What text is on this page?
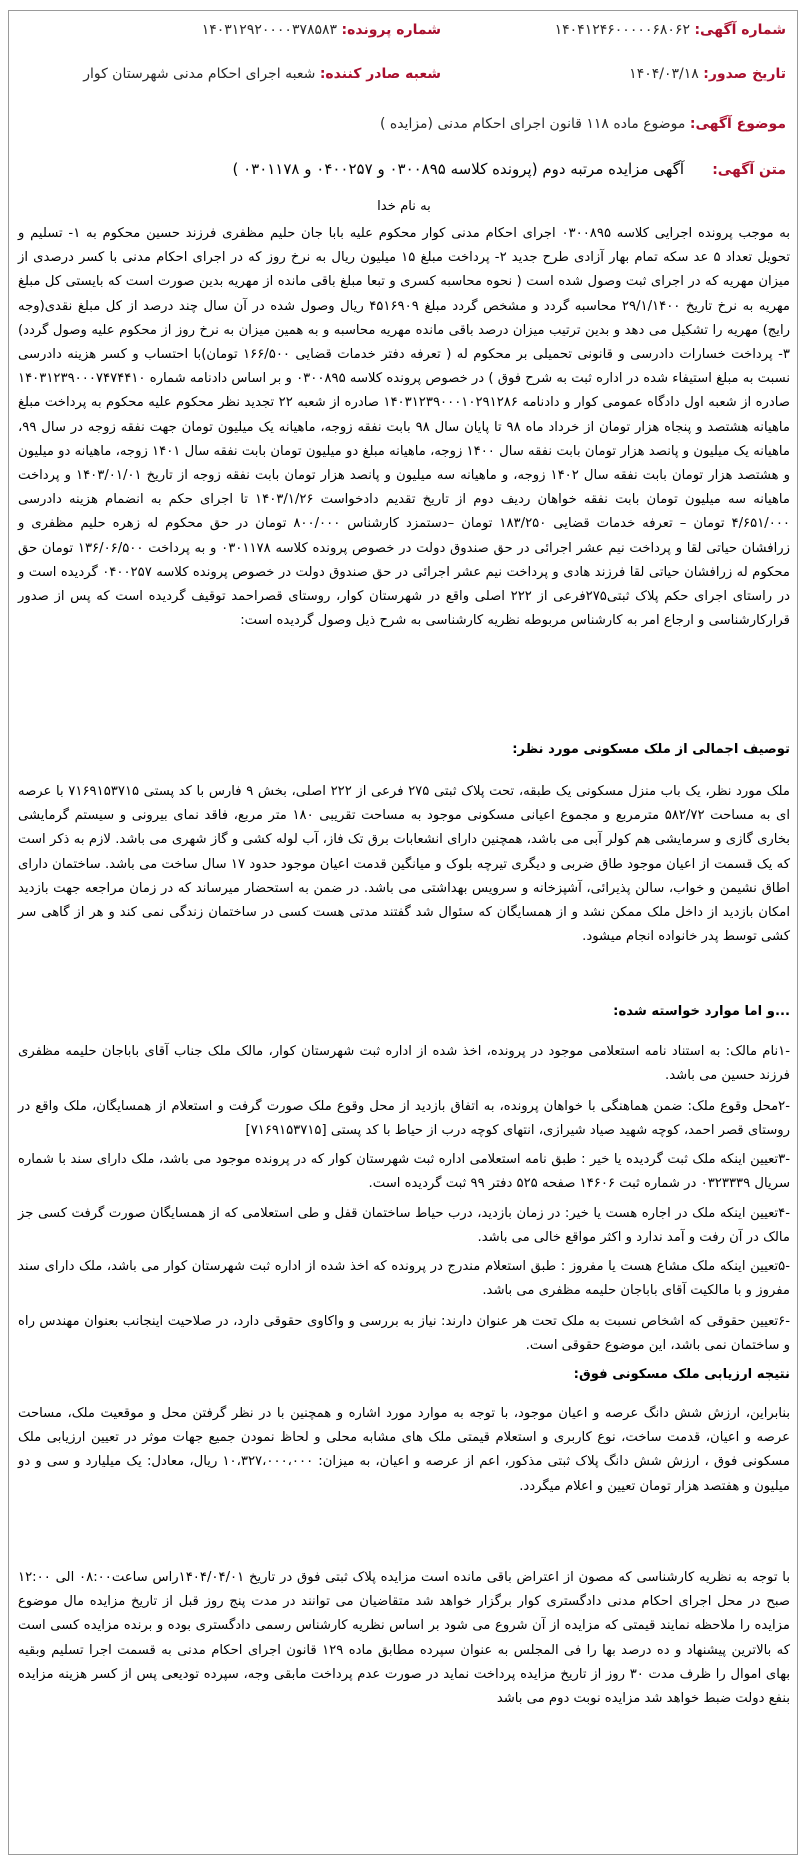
شماره آگهی: ۱۴۰۴۱۲۴۶۰۰۰۰۰۶۸۰۶۲
شماره پرونده: ۱۴۰۳۱۲۹۲۰۰۰۰۳۷۸۵۸۳
تاریخ صدور: ۱۴۰۴/۰۳/۱۸
شعبه صادر کننده: شعبه اجرای احکام مدنی شهرستان کوار
موضوع آگهی: موضوع ماده ۱۱۸ قانون اجرای احکام مدنی (مزایده )
متن آگهی:
آگهی مزایده مرتبه دوم (پرونده کلاسه ۰۳۰۰۸۹۵ و ۰۴۰۰۲۵۷ و ۰۳۰۱۱۷۸ )
به نام خدا
به موجب پرونده اجرایی کلاسه ۰۳۰۰۸۹۵ اجرای احکام مدنی کوار محکوم علیه بابا جان حلیم مظفری فرزند حسین محکوم به ۱- تسلیم و تحویل تعداد ۵ عد سکه تمام بهار آزادی طرح جدید ۲- پرداخت مبلغ ۱۵ میلیون ریال به نرخ روز که در اجرای احکام مدنی با کسر درصدی از میزان مهریه که در اجرای ثبت وصول شده است ( نحوه محاسبه کسری و تبعا مبلغ باقی مانده از مهریه بدین صورت است که بایستی کل مبلغ مهریه به نرخ تاریخ ۲۹/۱/۱۴۰۰ محاسبه گردد و مشخص گردد مبلغ ۴۵۱۶۹۰۹ ریال وصول شده در آن سال چند درصد از کل مبلغ نقدی(وجه رایج) مهریه را تشکیل می دهد و بدین ترتیب میزان درصد باقی مانده مهریه محاسبه و به همین میزان به نرخ روز از محکوم علیه وصول گردد) ۳- پرداخت خسارات دادرسی و قانونی تحمیلی بر محکوم له ( تعرفه دفتر خدمات قضایی ۱۶۶/۵۰۰ تومان)با احتساب و کسر هزینه دادرسی نسبت به مبلغ استیفاء شده در اداره ثبت به شرح فوق ) در خصوص پرونده کلاسه ۰۳۰۰۸۹۵ و بر اساس دادنامه شماره ۱۴۰۳۱۲۳۹۰۰۰۷۴۷۴۴۱۰ صادره از شعبه اول دادگاه عمومی کوار و دادنامه ۱۴۰۳۱۲۳۹۰۰۰۱۰۲۹۱۲۸۶ صادره از شعبه ۲۲ تجدید نظر محکوم علیه محکوم به پرداخت مبلغ ماهیانه هشتصد و پنجاه هزار تومان از خرداد ماه ۹۸ تا پایان سال ۹۸ بابت نفقه زوجه، ماهیانه یک میلیون تومان جهت نفقه زوجه در سال ۹۹، ماهیانه یک میلیون و پانصد هزار تومان بابت نفقه سال ۱۴۰۰ زوجه، ماهیانه مبلغ دو میلیون تومان بابت نفقه سال ۱۴۰۱ زوجه، ماهیانه دو میلیون و هشتصد هزار تومان بابت نفقه سال ۱۴۰۲ زوجه، و ماهیانه سه میلیون و پانصد هزار تومان بابت نفقه زوجه از تاریخ ۱۴۰۳/۰۱/۰۱ و پرداخت ماهیانه سه میلیون تومان بابت نفقه خواهان ردیف دوم از تاریخ تقدیم دادخواست ۱۴۰۳/۱/۲۶ تا اجرای حکم به انضمام هزینه دادرسی ۴/۶۵۱/۰۰۰ تومان – تعرفه خدمات قضایی ۱۸۳/۲۵۰ تومان –دستمزد کارشناس ۸۰۰/۰۰۰ تومان در حق محکوم له زهره حلیم مظفری و زرافشان حیاتی لقا و پرداخت نیم عشر اجرائی در حق صندوق دولت در خصوص پرونده کلاسه ۰۳۰۱۱۷۸ و به پرداخت ۱۳۶/۰۶/۵۰۰ تومان حق محکوم له زرافشان حیاتی لقا فرزند هادی و پرداخت نیم عشر اجرائی در حق صندوق دولت در خصوص پرونده کلاسه ۰۴۰۰۲۵۷ گردیده است و در راستای اجرای حکم پلاک ثبتی۲۷۵فرعی از ۲۲۲ اصلی واقع در شهرستان کوار، روستای قصراحمد توقیف گردیده است که پس از صدور قرارکارشناسی و ارجاع امر به کارشناس مربوطه نظریه کارشناسی به شرح ذیل وصول گردیده است:
توصیف اجمالی از ملک مسکونی مورد نظر:
ملک مورد نظر، یک باب منزل مسکونی یک طبقه، تحت پلاک ثبتی ۲۷۵ فرعی از ۲۲۲ اصلی، بخش ۹ فارس با کد پستی ۷۱۶۹۱۵۳۷۱۵ با عرصه ای به مساحت ۵۸۲/۷۲ مترمربع و مجموع اعیانی مسکونی موجود به مساحت تقریبی ۱۸۰ متر مربع، فاقد نمای بیرونی و سیستم گرمایشی بخاری گازی و سرمایشی هم کولر آبی می باشد، همچنین دارای انشعابات برق تک فاز، آب لوله کشی و گاز شهری می باشد. لازم به ذکر است که یک قسمت از اعیان موجود طاق ضربی و دیگری تیرچه بلوک و میانگین قدمت اعیان موجود حدود ۱۷ سال ساخت می باشد. ساختمان دارای اطاق نشیمن و خواب، سالن پذیرائی، آشپزخانه و سرویس بهداشتی می باشد. در ضمن به استحضار میرساند که در زمان مراجعه جهت بازدید امکان بازدید از داخل ملک ممکن نشد و از همسایگان که سئوال شد گفتند مدتی هست کسی در ساختمان زندگی نمی کند و هر از گاهی سر کشی توسط پدر خانواده انجام میشود.
...و اما موارد خواسته شده:
-۱نام مالک: به استناد نامه استعلامی موجود در پرونده، اخذ شده از اداره ثبت شهرستان کوار، مالک ملک جناب آقای باباجان حلیمه مظفری فرزند حسین می باشد.
-۲محل وقوع ملک: ضمن هماهنگی با خواهان پرونده، به اتفاق بازدید از محل وقوع ملک صورت گرفت و استعلام از همسایگان، ملک واقع در روستای قصر احمد، کوچه شهید صیاد شیرازی، انتهای کوچه درب از حیاط با کد پستی [۷۱۶۹۱۵۳۷۱۵]
-۳تعیین اینکه ملک ثبت گردیده یا خیر : طبق نامه استعلامی اداره ثبت شهرستان کوار که در پرونده موجود می باشد، ملک دارای سند با شماره سریال ۰۳۲۳۳۳۹ در شماره ثبت ۱۴۶۰۶ صفحه ۵۲۵ دفتر ۹۹ ثبت گردیده است.
-۴تعیین اینکه ملک در اجاره هست یا خیر: در زمان بازدید، درب حیاط ساختمان قفل و طی استعلامی که از همسایگان صورت گرفت کسی جز مالک در آن رفت و آمد ندارد و اکثر مواقع خالی می باشد.
-۵تعیین اینکه ملک مشاع هست یا مفروز : طبق استعلام مندرج در پرونده که اخذ شده از اداره ثبت شهرستان کوار می باشد، ملک دارای سند مفروز و با مالکیت آقای باباجان حلیمه مظفری می باشد.
-۶تعیین حقوقی که اشخاص نسبت به ملک تحت هر عنوان دارند: نیاز به بررسی و واکاوی حقوقی دارد، در صلاحیت اینجانب بعنوان مهندس راه و ساختمان نمی باشد، این موضوع حقوقی است.
نتیجه ارزیابی ملک مسکونی فوق:
بنابراین، ارزش شش دانگ عرصه و اعیان موجود، با توجه به موارد مورد اشاره و همچنین با در نظر گرفتن محل و موقعیت ملک، مساحت عرصه و اعیان، قدمت ساخت، نوع کاربری و استعلام قیمتی ملک های مشابه محلی و لحاظ نمودن جمیع جهات موثر در تعیین ارزیابی ملک مسکونی فوق ، ارزش شش دانگ پلاک ثبتی مذکور، اعم از عرصه و اعیان، به میزان: ۱۰،۳۲۷،۰۰۰،۰۰۰ ریال، معادل: یک میلیارد و سی و دو میلیون و هفتصد هزار تومان تعیین و اعلام میگردد.
با توجه به نظریه کارشناسی که مصون از اعتراض باقی مانده است مزایده پلاک ثبتی فوق در تاریخ ۱۴۰۴/۰۴/۰۱راس ساعت۰۸:۰۰ الی ۱۲:۰۰ صبح در محل اجرای احکام مدنی دادگستری کوار برگزار خواهد شد متقاضیان می توانند در مدت پنج روز قبل از تاریخ مزایده مال موضوع مزایده را ملاحظه نمایند قیمتی که مزایده از آن شروع می شود بر اساس نظریه کارشناس رسمی دادگستری بوده و برنده مزایده کسی است که بالاترین پیشنهاد و ده درصد بها را فی المجلس به عنوان سپرده مطابق ماده ۱۲۹ قانون اجرای احکام مدنی به قسمت اجرا تسلیم وبقیه بهای اموال را ظرف مدت ۳۰ روز از تاریخ مزایده پرداخت نماید در صورت عدم پرداخت مابقی وجه، سپرده تودیعی پس از کسر هزینه مزایده بنفع دولت ضبط خواهد شد مزایده نوبت دوم می باشد
